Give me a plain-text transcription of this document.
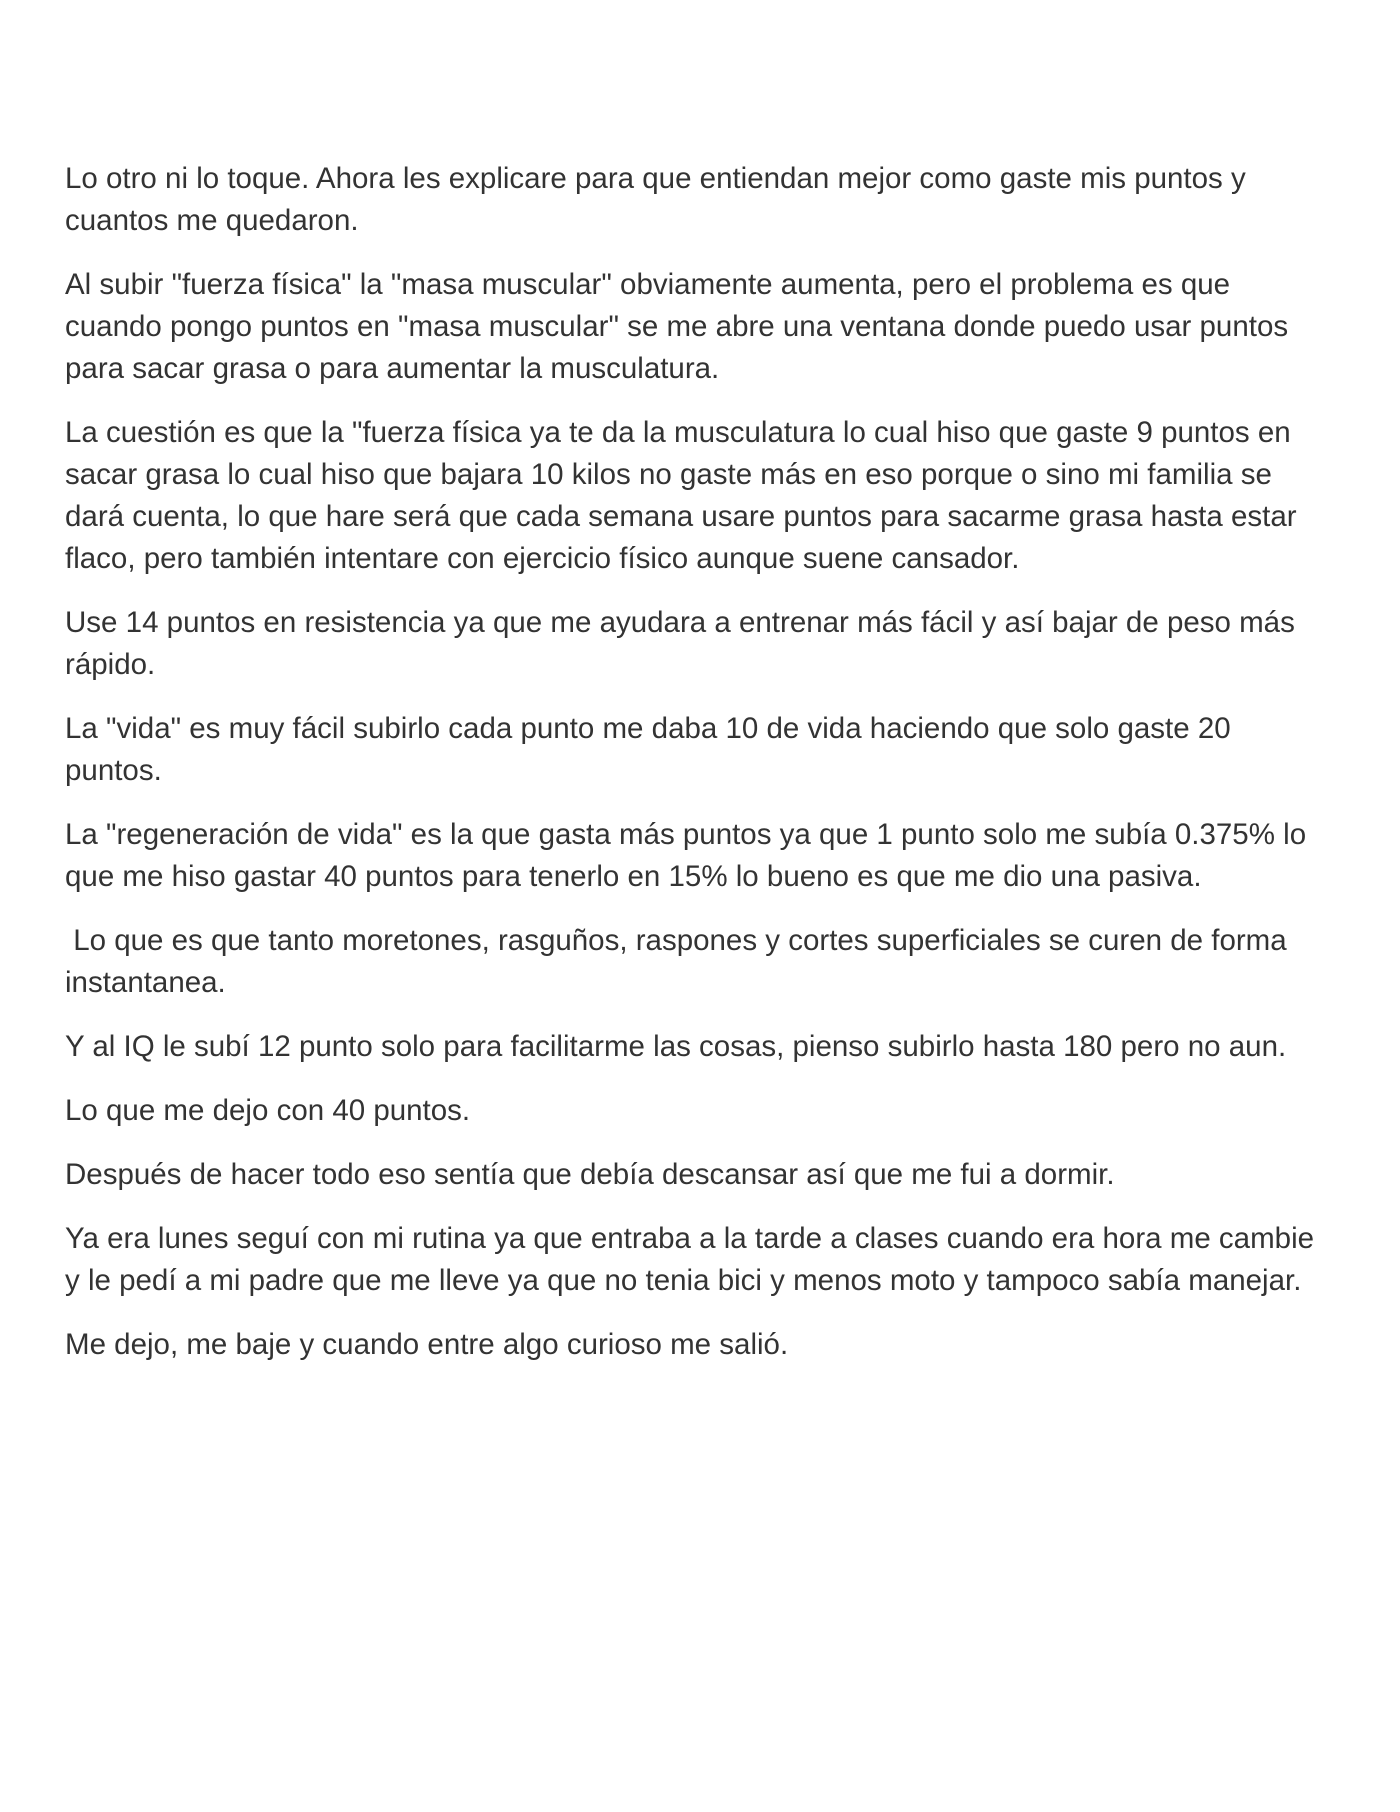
Lo otro ni lo toque. Ahora les explicare para que entiendan mejor como gaste mis puntos y cuantos me quedaron.

Al subir "fuerza física" la "masa muscular" obviamente aumenta, pero el problema es que cuando pongo puntos en "masa muscular" se me abre una ventana donde puedo usar puntos para sacar grasa o para aumentar la musculatura.

La cuestión es que la "fuerza física ya te da la musculatura lo cual hiso que gaste 9 puntos en sacar grasa lo cual hiso que bajara 10 kilos no gaste más en eso porque o sino mi familia se dará cuenta, lo que hare será que cada semana usare puntos para sacarme grasa hasta estar flaco, pero también intentare con ejercicio físico aunque suene cansador.

Use 14 puntos en resistencia ya que me ayudara a entrenar más fácil y así bajar de peso más rápido.

La "vida" es muy fácil subirlo cada punto me daba 10 de vida haciendo que solo gaste 20 puntos.

La "regeneración de vida" es la que gasta más puntos ya que 1 punto solo me subía 0.375% lo que me hiso gastar 40 puntos para tenerlo en 15% lo bueno es que me dio una pasiva.

Lo que es que tanto moretones, rasguños, raspones y cortes superficiales se curen de forma instantanea.

Y al IQ le subí 12 punto solo para facilitarme las cosas, pienso subirlo hasta 180 pero no aun.

Lo que me dejo con 40 puntos.

Después de hacer todo eso sentía que debía descansar así que me fui a dormir.

Ya era lunes seguí con mi rutina ya que entraba a la tarde a clases cuando era hora me cambie y le pedí a mi padre que me lleve ya que no tenia bici y menos moto y tampoco sabía manejar.

Me dejo, me baje y cuando entre algo curioso me salió.
